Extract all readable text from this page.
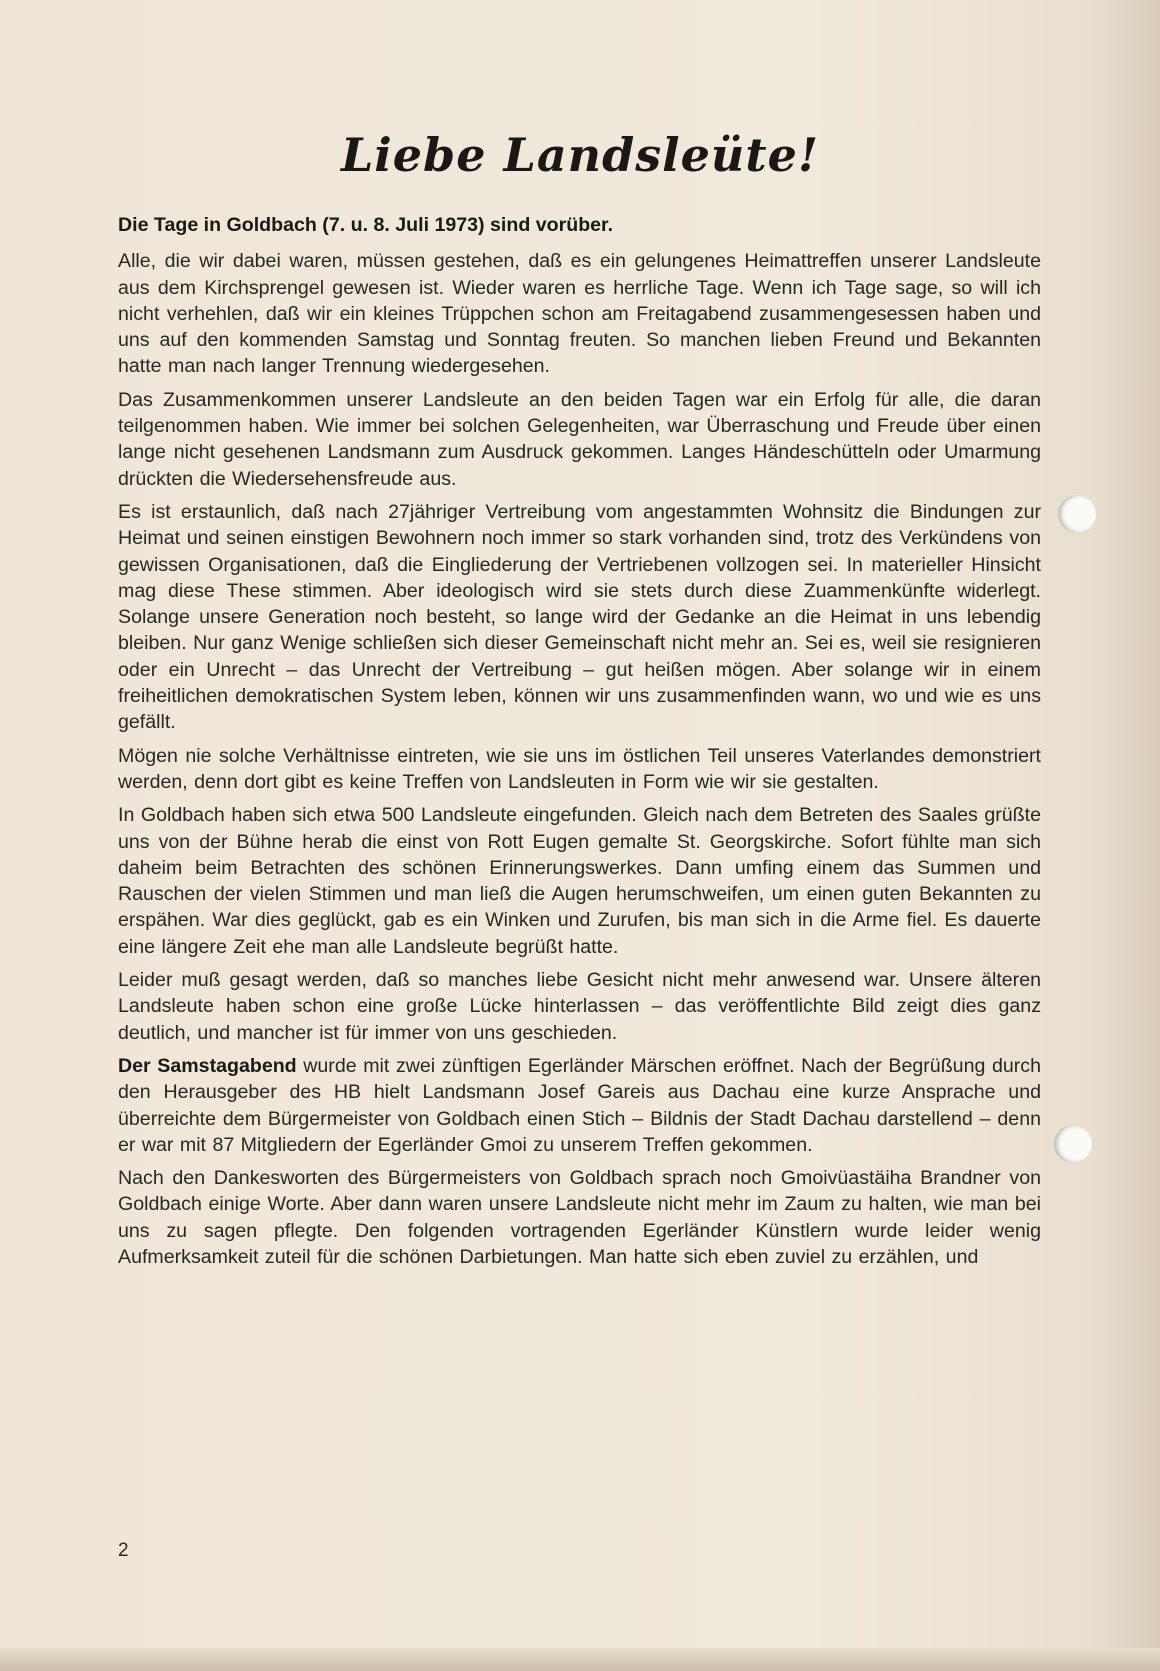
Liebe Landsleüte!

Die Tage in Goldbach (7. u. 8. Juli 1973) sind vorüber.

Alle, die wir dabei waren, müssen gestehen, daß es ein gelungenes Heimattreffen unserer Landsleute aus dem Kirchsprengel gewesen ist. Wieder waren es herrliche Tage. Wenn ich Tage sage, so will ich nicht verhehlen, daß wir ein kleines Trüppchen schon am Freitagabend zusammengesessen haben und uns auf den kommenden Samstag und Sonntag freuten. So manchen lieben Freund und Bekannten hatte man nach langer Trennung wiedergesehen.

Das Zusammenkommen unserer Landsleute an den beiden Tagen war ein Erfolg für alle, die daran teilgenommen haben. Wie immer bei solchen Gelegenheiten, war Überraschung und Freude über einen lange nicht gesehenen Landsmann zum Ausdruck gekommen. Langes Händeschütteln oder Umarmung drückten die Wiedersehensfreude aus.

Es ist erstaunlich, daß nach 27jähriger Vertreibung vom angestammten Wohnsitz die Bindungen zur Heimat und seinen einstigen Bewohnern noch immer so stark vorhanden sind, trotz des Verkündens von gewissen Organisationen, daß die Eingliederung der Vertriebenen vollzogen sei. In materieller Hinsicht mag diese These stimmen. Aber ideologisch wird sie stets durch diese Zuammenkünfte widerlegt. Solange unsere Generation noch besteht, so lange wird der Gedanke an die Heimat in uns lebendig bleiben. Nur ganz Wenige schließen sich dieser Gemeinschaft nicht mehr an. Sei es, weil sie resignieren oder ein Unrecht – das Unrecht der Vertreibung – gut heißen mögen. Aber solange wir in einem freiheitlichen demokratischen System leben, können wir uns zusammenfinden wann, wo und wie es uns gefällt.

Mögen nie solche Verhältnisse eintreten, wie sie uns im östlichen Teil unseres Vaterlandes demonstriert werden, denn dort gibt es keine Treffen von Landsleuten in Form wie wir sie gestalten.

In Goldbach haben sich etwa 500 Landsleute eingefunden. Gleich nach dem Betreten des Saales grüßte uns von der Bühne herab die einst von Rott Eugen gemalte St. Georgskirche. Sofort fühlte man sich daheim beim Betrachten des schönen Erinnerungswerkes. Dann umfing einem das Summen und Rauschen der vielen Stimmen und man ließ die Augen herumschweifen, um einen guten Bekannten zu erspähen. War dies geglückt, gab es ein Winken und Zurufen, bis man sich in die Arme fiel. Es dauerte eine längere Zeit ehe man alle Landsleute begrüßt hatte.

Leider muß gesagt werden, daß so manches liebe Gesicht nicht mehr anwesend war. Unsere älteren Landsleute haben schon eine große Lücke hinterlassen – das veröffentlichte Bild zeigt dies ganz deutlich, und mancher ist für immer von uns geschieden.

Der Samstagabend wurde mit zwei zünftigen Egerländer Märschen eröffnet. Nach der Begrüßung durch den Herausgeber des HB hielt Landsmann Josef Gareis aus Dachau eine kurze Ansprache und überreichte dem Bürgermeister von Goldbach einen Stich – Bildnis der Stadt Dachau darstellend – denn er war mit 87 Mitgliedern der Egerländer Gmoi zu unserem Treffen gekommen.

Nach den Dankesworten des Bürgermeisters von Goldbach sprach noch Gmoivüastäiha Brandner von Goldbach einige Worte. Aber dann waren unsere Landsleute nicht mehr im Zaum zu halten, wie man bei uns zu sagen pflegte. Den folgenden vortragenden Egerländer Künstlern wurde leider wenig Aufmerksamkeit zuteil für die schönen Darbietungen. Man hatte sich eben zuviel zu erzählen, und

2
